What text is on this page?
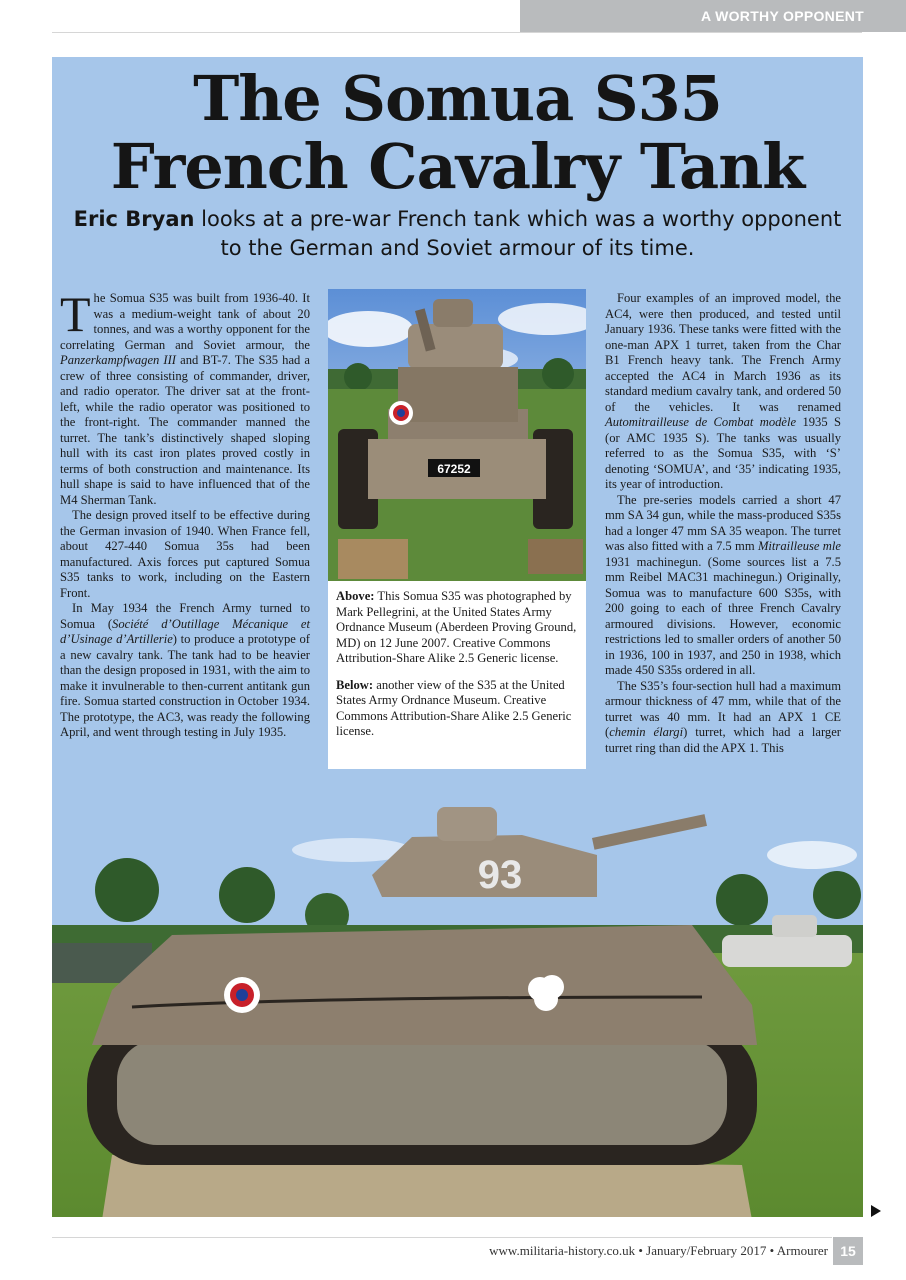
A WORTHY OPPONENT
The Somua S35
French Cavalry Tank

Eric Bryan looks at a pre-war French tank which was a worthy opponent to the German and Soviet armour of its time.

The Somua S35 was built from 1936-40. It was a medium-weight tank of about 20 tonnes, and was a worthy opponent for the correlating German and Soviet armour, the Panzerkampfwagen III and BT-7. The S35 had a crew of three consisting of commander, driver, and radio operator. The driver sat at the front-left, while the radio operator was positioned to the front-right. The commander manned the turret. The tank’s distinctively shaped sloping hull with its cast iron plates proved costly in terms of both construction and maintenance. Its hull shape is said to have influenced that of the M4 Sherman Tank.

The design proved itself to be effective during the German invasion of 1940. When France fell, about 427-440 Somua 35s had been manufactured. Axis forces put captured Somua S35 tanks to work, including on the Eastern Front.

In May 1934 the French Army turned to Somua (Société d’Outillage Mécanique et d’Usinage d’Artillerie) to produce a prototype of a new cavalry tank. The tank had to be heavier than the design proposed in 1931, with the aim to make it invulnerable to then-current antitank gun fire. Somua started construction in October 1934. The prototype, the AC3, was ready the following April, and went through testing in July 1935.

67252

Above: This Somua S35 was photographed by Mark Pellegrini, at the United States Army Ordnance Museum (Aberdeen Proving Ground, MD) on 12 June 2007. Creative Commons Attribution-Share Alike 2.5 Generic license.

Below: another view of the S35 at the United States Army Ordnance Museum. Creative Commons Attribution-Share Alike 2.5 Generic license.

Four examples of an improved model, the AC4, were then produced, and tested until January 1936. These tanks were fitted with the one-man APX 1 turret, taken from the Char B1 French heavy tank. The French Army accepted the AC4 in March 1936 as its standard medium cavalry tank, and ordered 50 of the vehicles. It was renamed Automitrailleuse de Combat modèle 1935 S (or AMC 1935 S). The tanks was usually referred to as the Somua S35, with ‘S’ denoting ‘SOMUA’, and ‘35’ indicating 1935, its year of introduction.

The pre-series models carried a short 47 mm SA 34 gun, while the mass-produced S35s had a longer 47 mm SA 35 weapon. The turret was also fitted with a 7.5 mm Mitrailleuse mle 1931 machinegun. (Some sources list a 7.5 mm Reibel MAC31 machinegun.) Originally, Somua was to manufacture 600 S35s, with 200 going to each of three French Cavalry armoured divisions. However, economic restrictions led to smaller orders of another 50 in 1936, 100 in 1937, and 250 in 1938, which made 450 S35s ordered in all.

The S35’s four-section hull had a maximum armour thickness of 47 mm, while that of the turret was 40 mm. It had an APX 1 CE (chemin élargi) turret, which had a larger turret ring than did the APX 1. This

93
www.militaria-history.co.uk • January/February 2017 • Armourer 15
